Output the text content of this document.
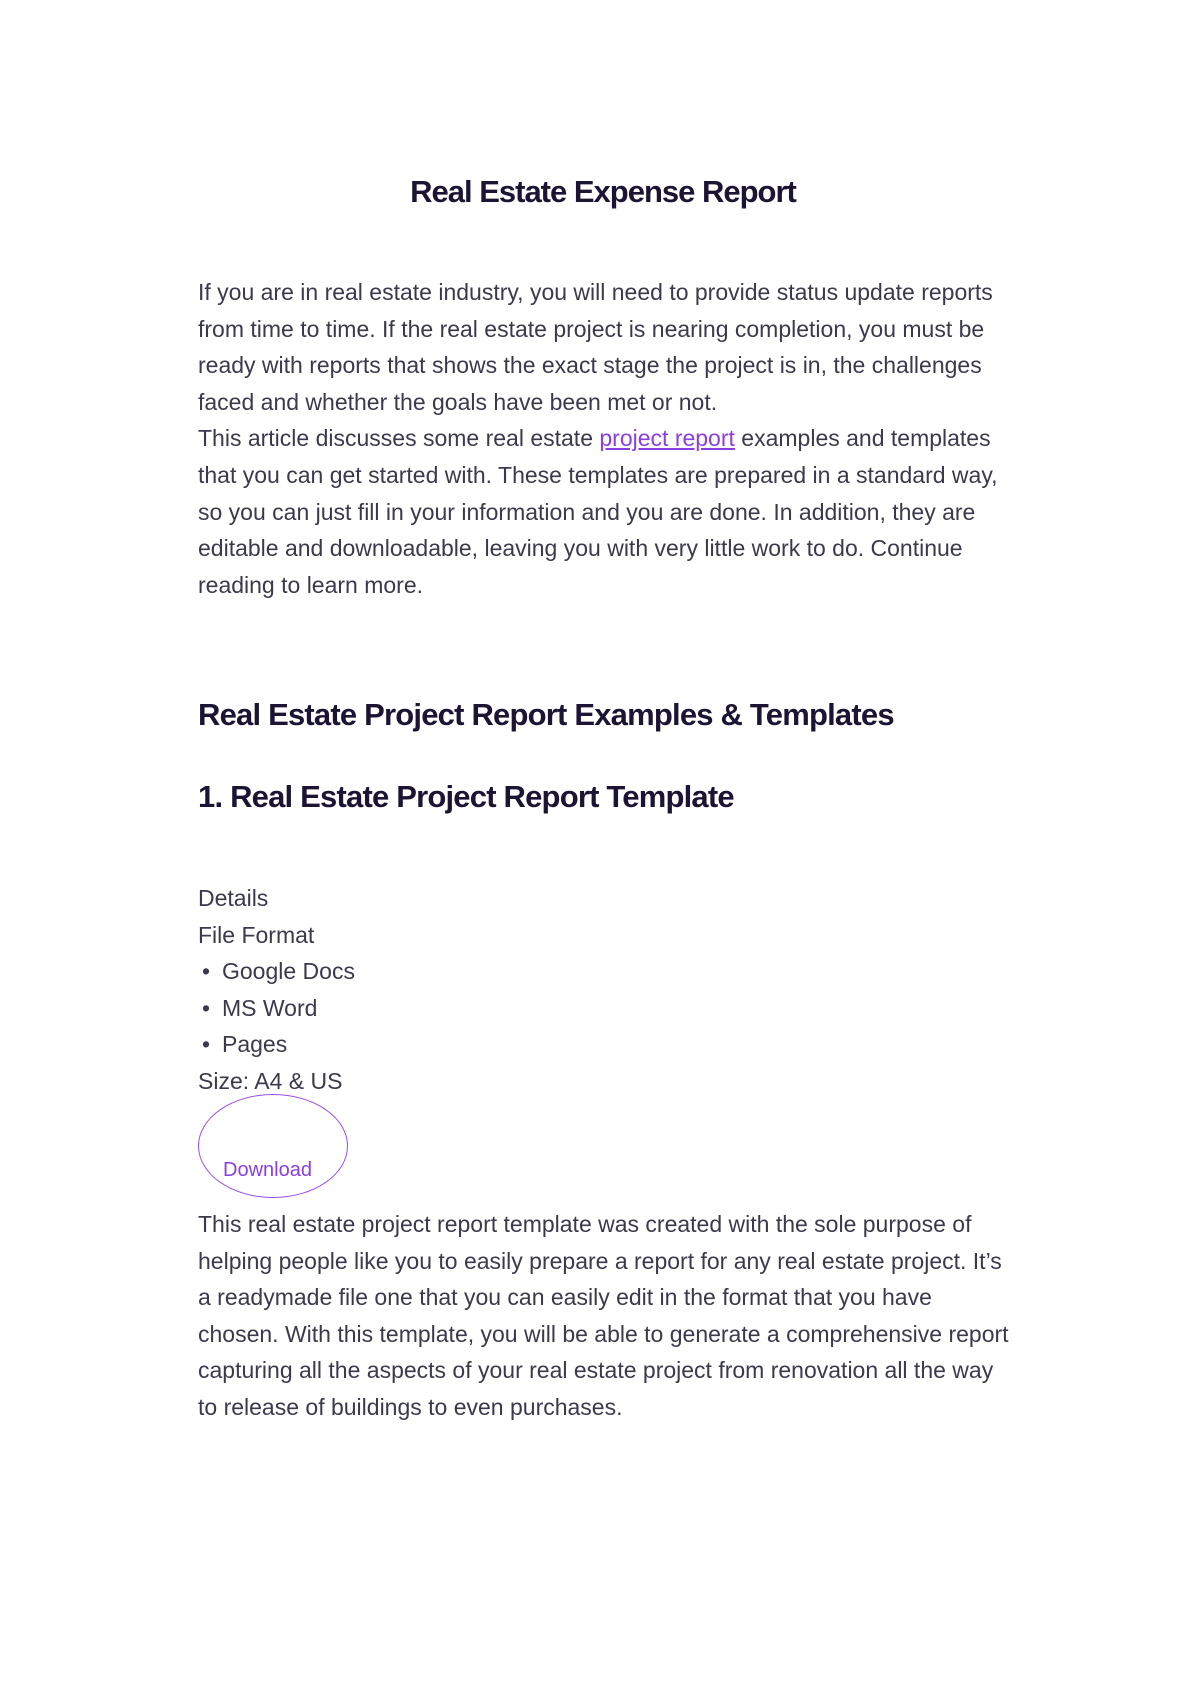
Real Estate Expense Report

If you are in real estate industry, you will need to provide status update reports from time to time. If the real estate project is nearing completion, you must be ready with reports that shows the exact stage the project is in, the challenges faced and whether the goals have been met or not.

This article discusses some real estate project report examples and templates that you can get started with. These templates are prepared in a standard way, so you can just fill in your information and you are done. In addition, they are editable and downloadable, leaving you with very little work to do. Continue reading to learn more.

Real Estate Project Report Examples & Templates
1. Real Estate Project Report Template

Details

File Format

• Google Docs
• MS Word
• Pages

Size: A4 & US

Download

This real estate project report template was created with the sole purpose of helping people like you to easily prepare a report for any real estate project. It’s a readymade file one that you can easily edit in the format that you have chosen. With this template, you will be able to generate a comprehensive report capturing all the aspects of your real estate project from renovation all the way to release of buildings to even purchases.
